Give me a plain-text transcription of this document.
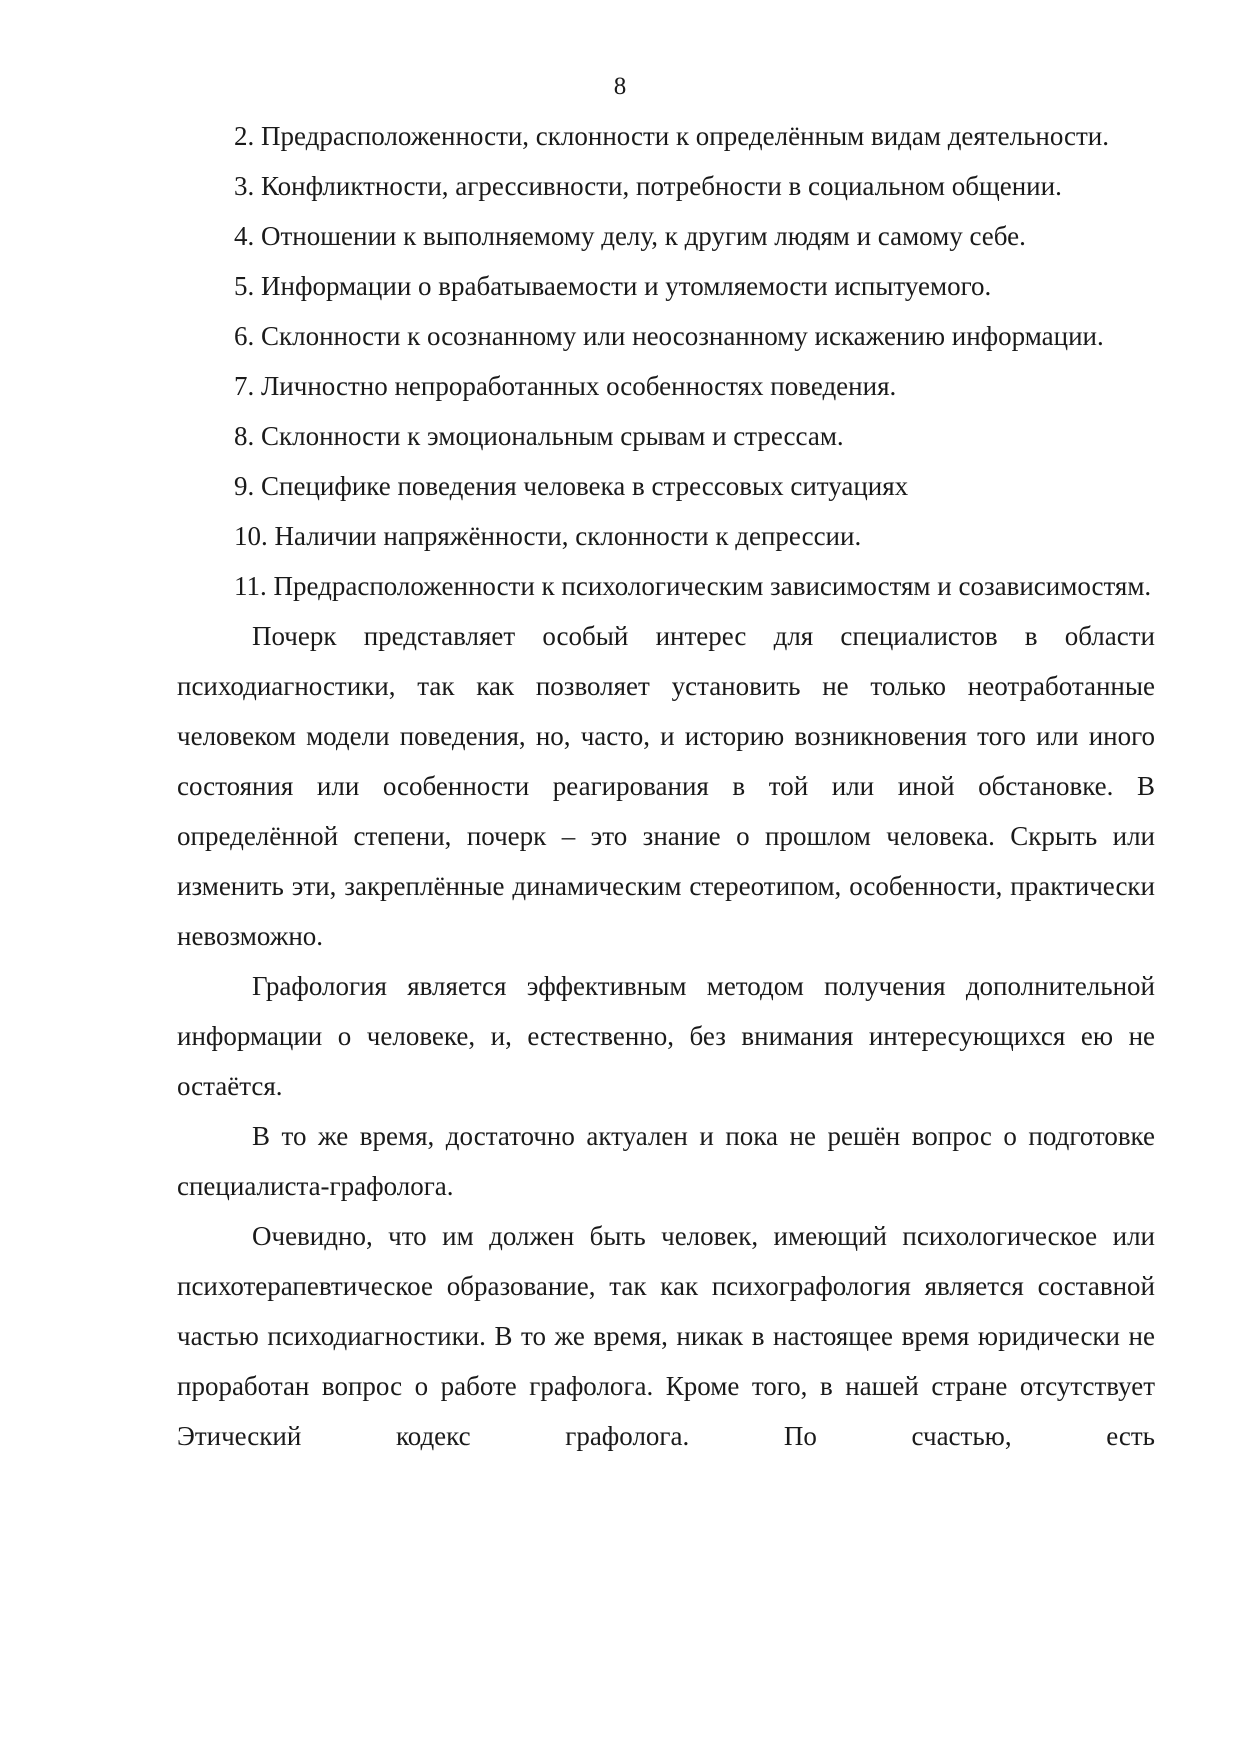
8

2. Предрасположенности, склонности к определённым видам деятельности.

3. Конфликтности, агрессивности, потребности в социальном общении.

4. Отношении к выполняемому делу, к другим людям и самому себе.

5. Информации о врабатываемости и утомляемости испытуемого.

6. Склонности к осознанному или неосознанному искажению информации.

7. Личностно непроработанных особенностях поведения.

8. Склонности к эмоциональным срывам и стрессам.

9. Специфике поведения человека в стрессовых ситуациях

10. Наличии напряжённости, склонности к депрессии.

11. Предрасположенности к психологическим зависимостям и созависимостям.

Почерк представляет особый интерес для специалистов в области психодиагностики, так как позволяет установить не только неотработанные человеком модели поведения, но, часто, и историю возникновения того или иного состояния или особенности реагирования в той или иной обстановке. В определённой степени, почерк – это знание о прошлом человека. Скрыть или изменить эти, закреплённые динамическим стереотипом, особенности, практически невозможно.

Графология является эффективным методом получения дополнительной информации о человеке, и, естественно, без внимания интересующихся ею не остаётся.

В то же время, достаточно актуален и пока не решён вопрос о подготовке специалиста-графолога.

Очевидно, что им должен быть человек, имеющий психологическое или психотерапевтическое образование, так как психографология является составной частью психодиагностики. В то же время, никак в настоящее время юридически не проработан вопрос о работе графолога. Кроме того, в нашей стране отсутствует Этический кодекс графолога. По счастью, есть
